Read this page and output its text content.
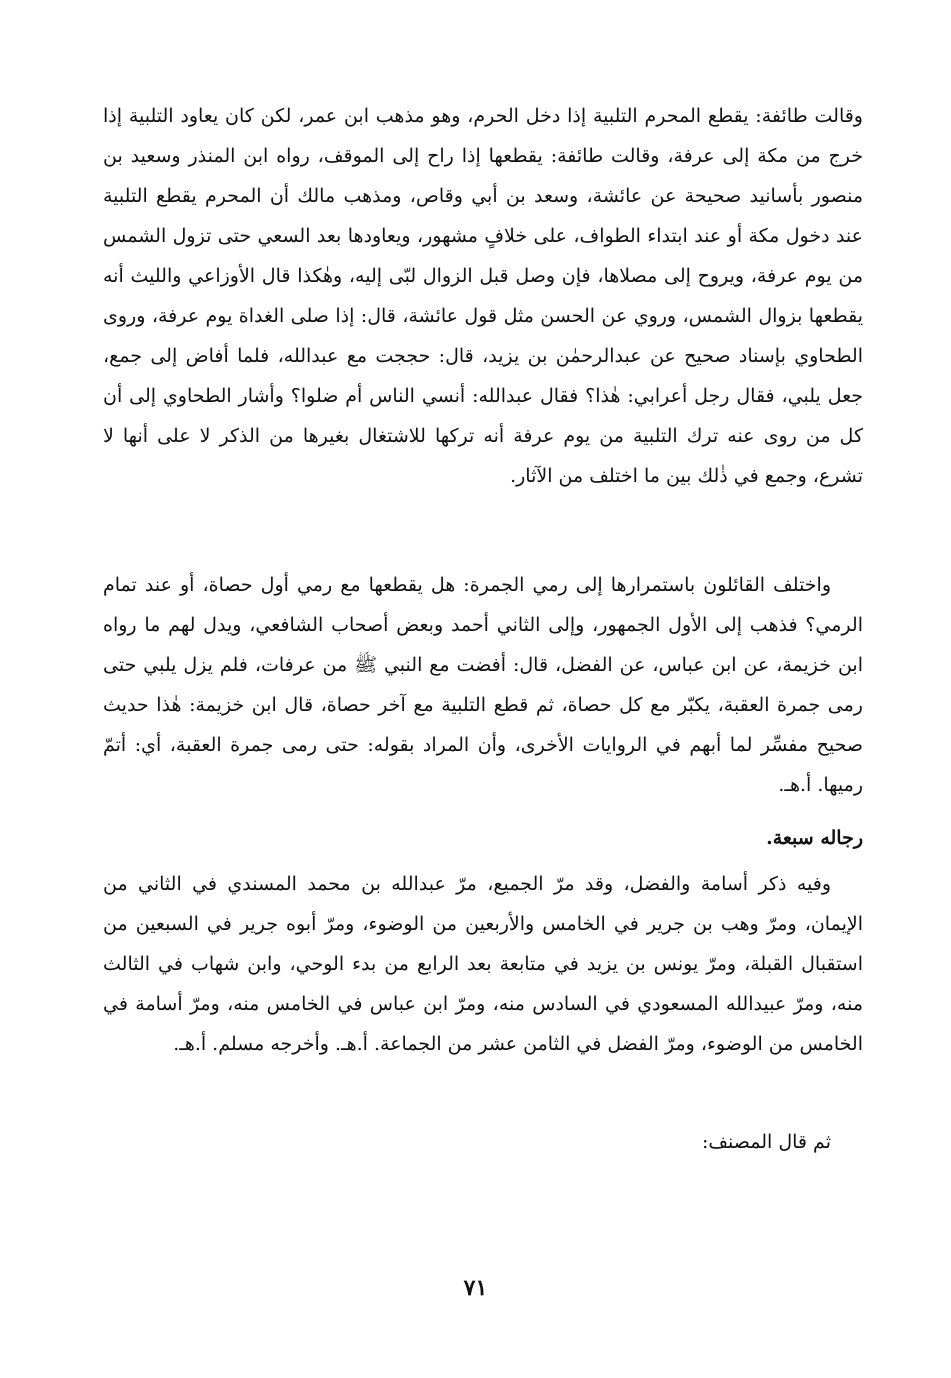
وقالت طائفة: يقطع المحرم التلبية إذا دخل الحرم، وهو مذهب ابن عمر، لكن كان يعاود التلبية إذا خرج من مكة إلى عرفة، وقالت طائفة: يقطعها إذا راح إلى الموقف، رواه ابن المنذر وسعيد بن منصور بأسانيد صحيحة عن عائشة، وسعد بن أبي وقاص، ومذهب مالك أن المحرم يقطع التلبية عند دخول مكة أو عند ابتداء الطواف، على خلافٍ مشهور، ويعاودها بعد السعي حتى تزول الشمس من يوم عرفة، ويروح إلى مصلاها، فإن وصل قبل الزوال لبّى إليه، وهٰكذا قال الأوزاعي والليث أنه يقطعها بزوال الشمس، وروي عن الحسن مثل قول عائشة، قال: إذا صلى الغداة يوم عرفة، وروى الطحاوي بإسناد صحيح عن عبدالرحمٰن بن يزيد، قال: حججت مع عبدالله، فلما أفاض إلى جمع، جعل يلبي، فقال رجل أعرابي: هٰذا؟ فقال عبدالله: أنسي الناس أم ضلوا؟ وأشار الطحاوي إلى أن كل من روى عنه ترك التلبية من يوم عرفة أنه تركها للاشتغال بغيرها من الذكر لا على أنها لا تشرع، وجمع في ذٰلك بين ما اختلف من الآثار.

واختلف القائلون باستمرارها إلى رمي الجمرة: هل يقطعها مع رمي أول حصاة، أو عند تمام الرمي؟ فذهب إلى الأول الجمهور، وإلى الثاني أحمد وبعض أصحاب الشافعي، ويدل لهم ما رواه ابن خزيمة، عن ابن عباس، عن الفضل، قال: أفضت مع النبي ﷺ من عرفات، فلم يزل يلبي حتى رمى جمرة العقبة، يكبّر مع كل حصاة، ثم قطع التلبية مع آخر حصاة، قال ابن خزيمة: هٰذا حديث صحيح مفسِّر لما أبهم في الروايات الأخرى، وأن المراد بقوله: حتى رمى جمرة العقبة، أي: أتمّ رميها. أ.هـ.

رجاله سبعة.

وفيه ذكر أسامة والفضل، وقد مرّ الجميع، مرّ عبدالله بن محمد المسندي في الثاني من الإيمان، ومرّ وهب بن جرير في الخامس والأربعين من الوضوء، ومرّ أبوه جرير في السبعين من استقبال القبلة، ومرّ يونس بن يزيد في متابعة بعد الرابع من بدء الوحي، وابن شهاب في الثالث منه، ومرّ عبيدالله المسعودي في السادس منه، ومرّ ابن عباس في الخامس منه، ومرّ أسامة في الخامس من الوضوء، ومرّ الفضل في الثامن عشر من الجماعة. أ.هـ. وأخرجه مسلم. أ.هـ.

ثم قال المصنف:
٧١
